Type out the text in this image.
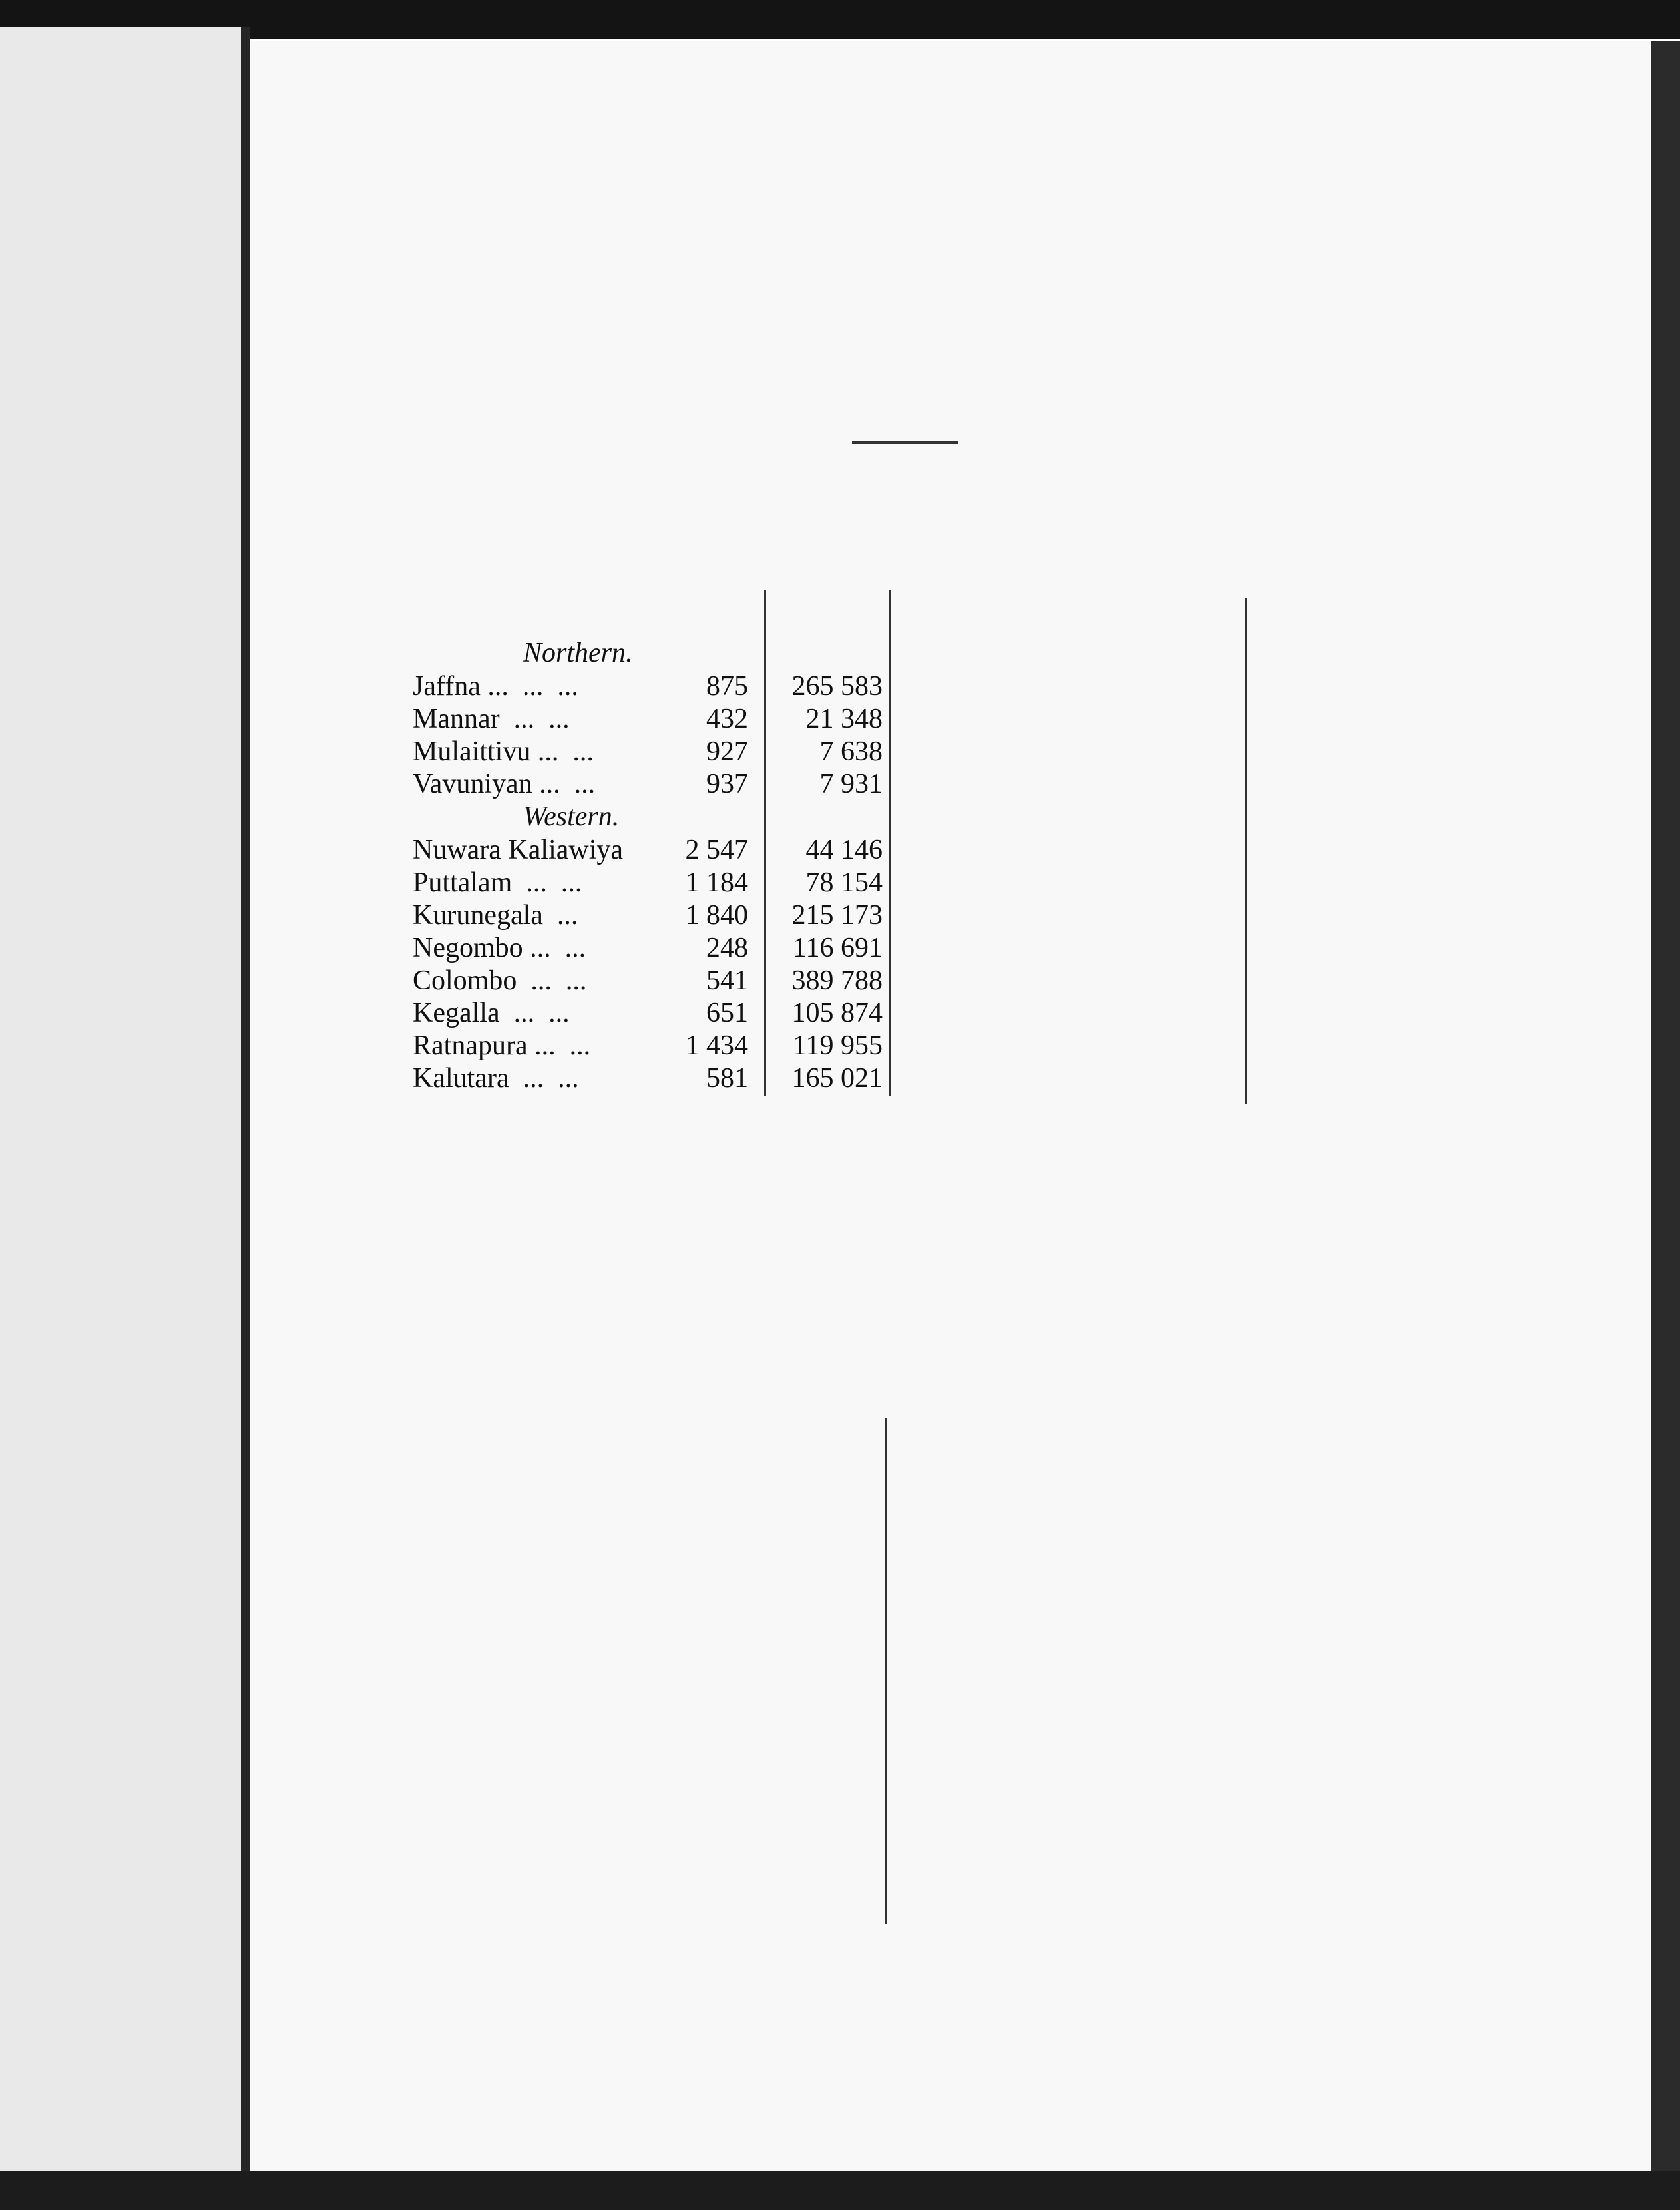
Northern.
Jaffna ...  ...  ...	875	265 583
Mannar  ...  ...	432	21 348
Mulaittivu ...  ...	927	7 638
Vavuniyan ...  ...	937	7 931
Western.
Nuwara Kaliawiya	2 547	44 146
Puttalam  ...  ...	1 184	78 154
Kurunegala  ...	1 840	215 173
Negombo ...  ...	248	116 691
Colombo  ...  ...	541	389 788
Kegalla  ...  ...	651	105 874
Ratnapura ...  ...	1 434	119 955
Kalutara  ...  ...	581	165 021
